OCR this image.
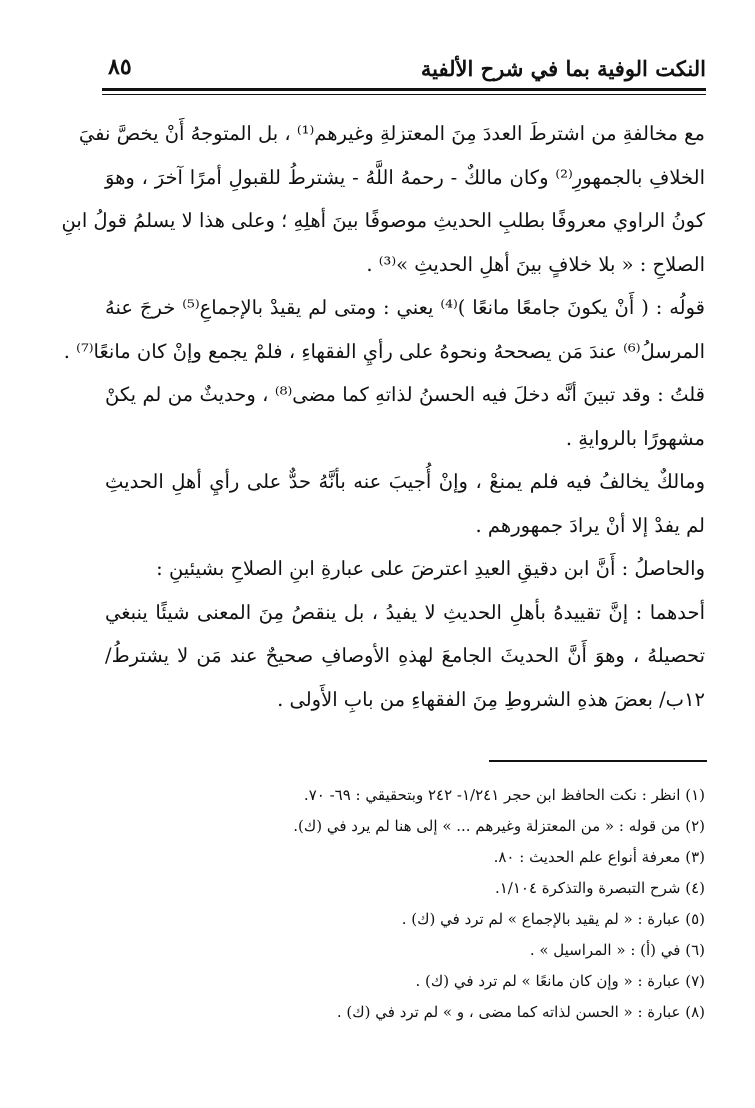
النكت الوفية بما في شرح الألفية
٨٥
مع مخالفةِ من اشترطَ العددَ مِنَ المعتزلةِ وغيرهم⁽¹⁾ ، بل المتوجهُ أَنْ يخصَّ نفيَ
الخلافِ بالجمهورِ⁽²⁾ وكان مالكٌ - رحمهُ اللَّهُ - يشترطُ للقبولِ أمرًا آخرَ ، وهوَ
كونُ الراوي معروفًا بطلبِ الحديثِ موصوفًا بينَ أهلِهِ ؛ وعلى هذا لا يسلمُ قولُ ابنِ
الصلاحِ : « بلا خلافٍ بينَ أهلِ الحديثِ »⁽³⁾ .
قولُه : ( أَنْ يكونَ جامعًا مانعًا )⁽⁴⁾ يعني : ومتى لم يقيدْ بالإجماعِ⁽⁵⁾ خرجَ عنهُ
المرسلُ⁽⁶⁾ عندَ مَن يصححهُ ونحوهُ على رأيِ الفقهاءِ ، فلمْ يجمع وإنْ كان مانعًا⁽⁷⁾ .
قلتُ : وقد تبينَ أنَّه دخلَ فيه الحسنُ لذاتهِ كما مضى⁽⁸⁾ ، وحديثٌ من لم يكنْ
مشهورًا بالروايةِ .
ومالكٌ يخالفُ فيه فلم يمنعْ ، وإنْ أُجيبَ عنه بأنَّهُ حدٌّ على رأيِ أهلِ الحديثِ
لم يفدْ إلا أنْ يرادَ جمهورهم .
والحاصلُ : أَنَّ ابن دقيقِ العيدِ اعترضَ على عبارةِ ابنِ الصلاحِ بشيئينِ :
أحدهما : إنَّ تقييدهُ بأهلِ الحديثِ لا يفيدُ ، بل ينقصُ مِنَ المعنى شيئًا ينبغي
تحصيلهُ ، وهوَ أَنَّ الحديثَ الجامعَ لهذهِ الأوصافِ صحيحٌ عند مَن لا يشترطُ/
١٢ب/ بعضَ هذهِ الشروطِ مِنَ الفقهاءِ من بابِ الأَولى .
(١) انظر : نكت الحافظ ابن حجر ١/٢٤١- ٢٤٢ وبتحقيقي : ٦٩- ٧٠.
(٢) من قوله : « من المعتزلة وغيرهم ... » إلى هنا لم يرد في (ك).
(٣) معرفة أنواع علم الحديث : ٨٠.
(٤) شرح التبصرة والتذكرة ١/١٠٤.
(٥) عبارة : « لم يقيد بالإجماع » لم ترد في (ك) .
(٦) في (أ) : « المراسيل » .
(٧) عبارة : « وإن كان مانعًا » لم ترد في (ك) .
(٨) عبارة : « الحسن لذاته كما مضى ، و » لم ترد في (ك) .
